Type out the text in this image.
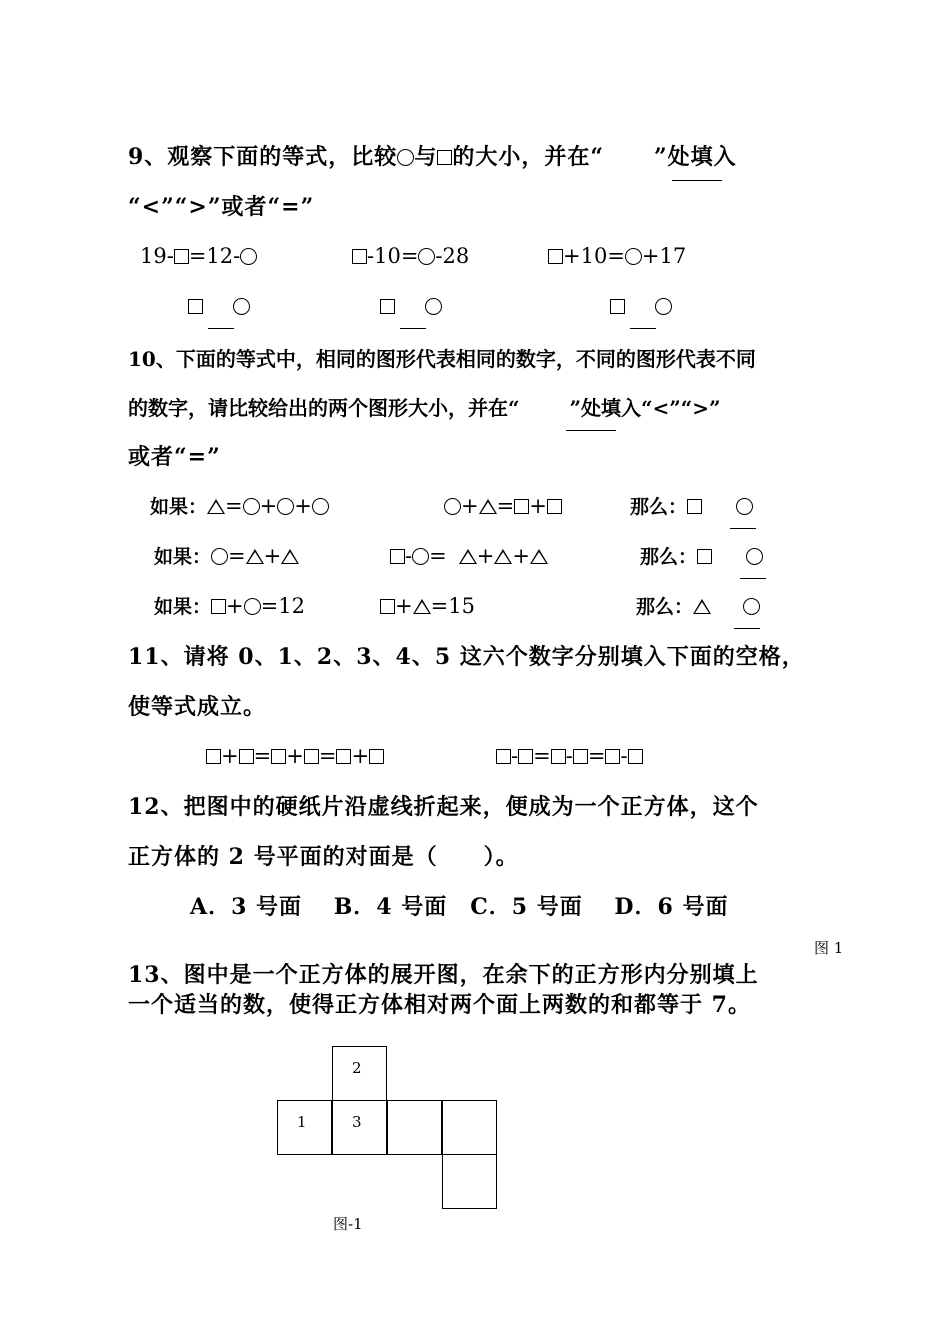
9、观察下面的等式，比较 与 的大小，并在“ ”处填入
“<”“>”或者“=”
19- =12-	-10= -28	+10= +17
10、下面的等式中，相同的图形代表相同的数字，不同的图形代表不同
的数字，请比较给出的两个图形大小，并在“	”处填入“<”“>”
或者“=”
如果： = + +	+ = +	那么：
如果： = +	- = + +	那么：
如果： + =12	+ =15	那么：
11、请将 0、1、2、3、4、5 这六个数字分别填入下面的空格，
使等式成立。
+ = + = +	- = - = -
12、把图中的硬纸片沿虚线折起来，便成为一个正方体，这个
正方体的 2 号平面的对面是（　　）。
A．3 号面　 B．4 号面　C．5 号面　 D．6 号面
图 1
13、图中是一个正方体的展开图，在余下的正方形内分别填上
一个适当的数，使得正方体相对两个面上两数的和都等于 7。
2
1	3
图-1
